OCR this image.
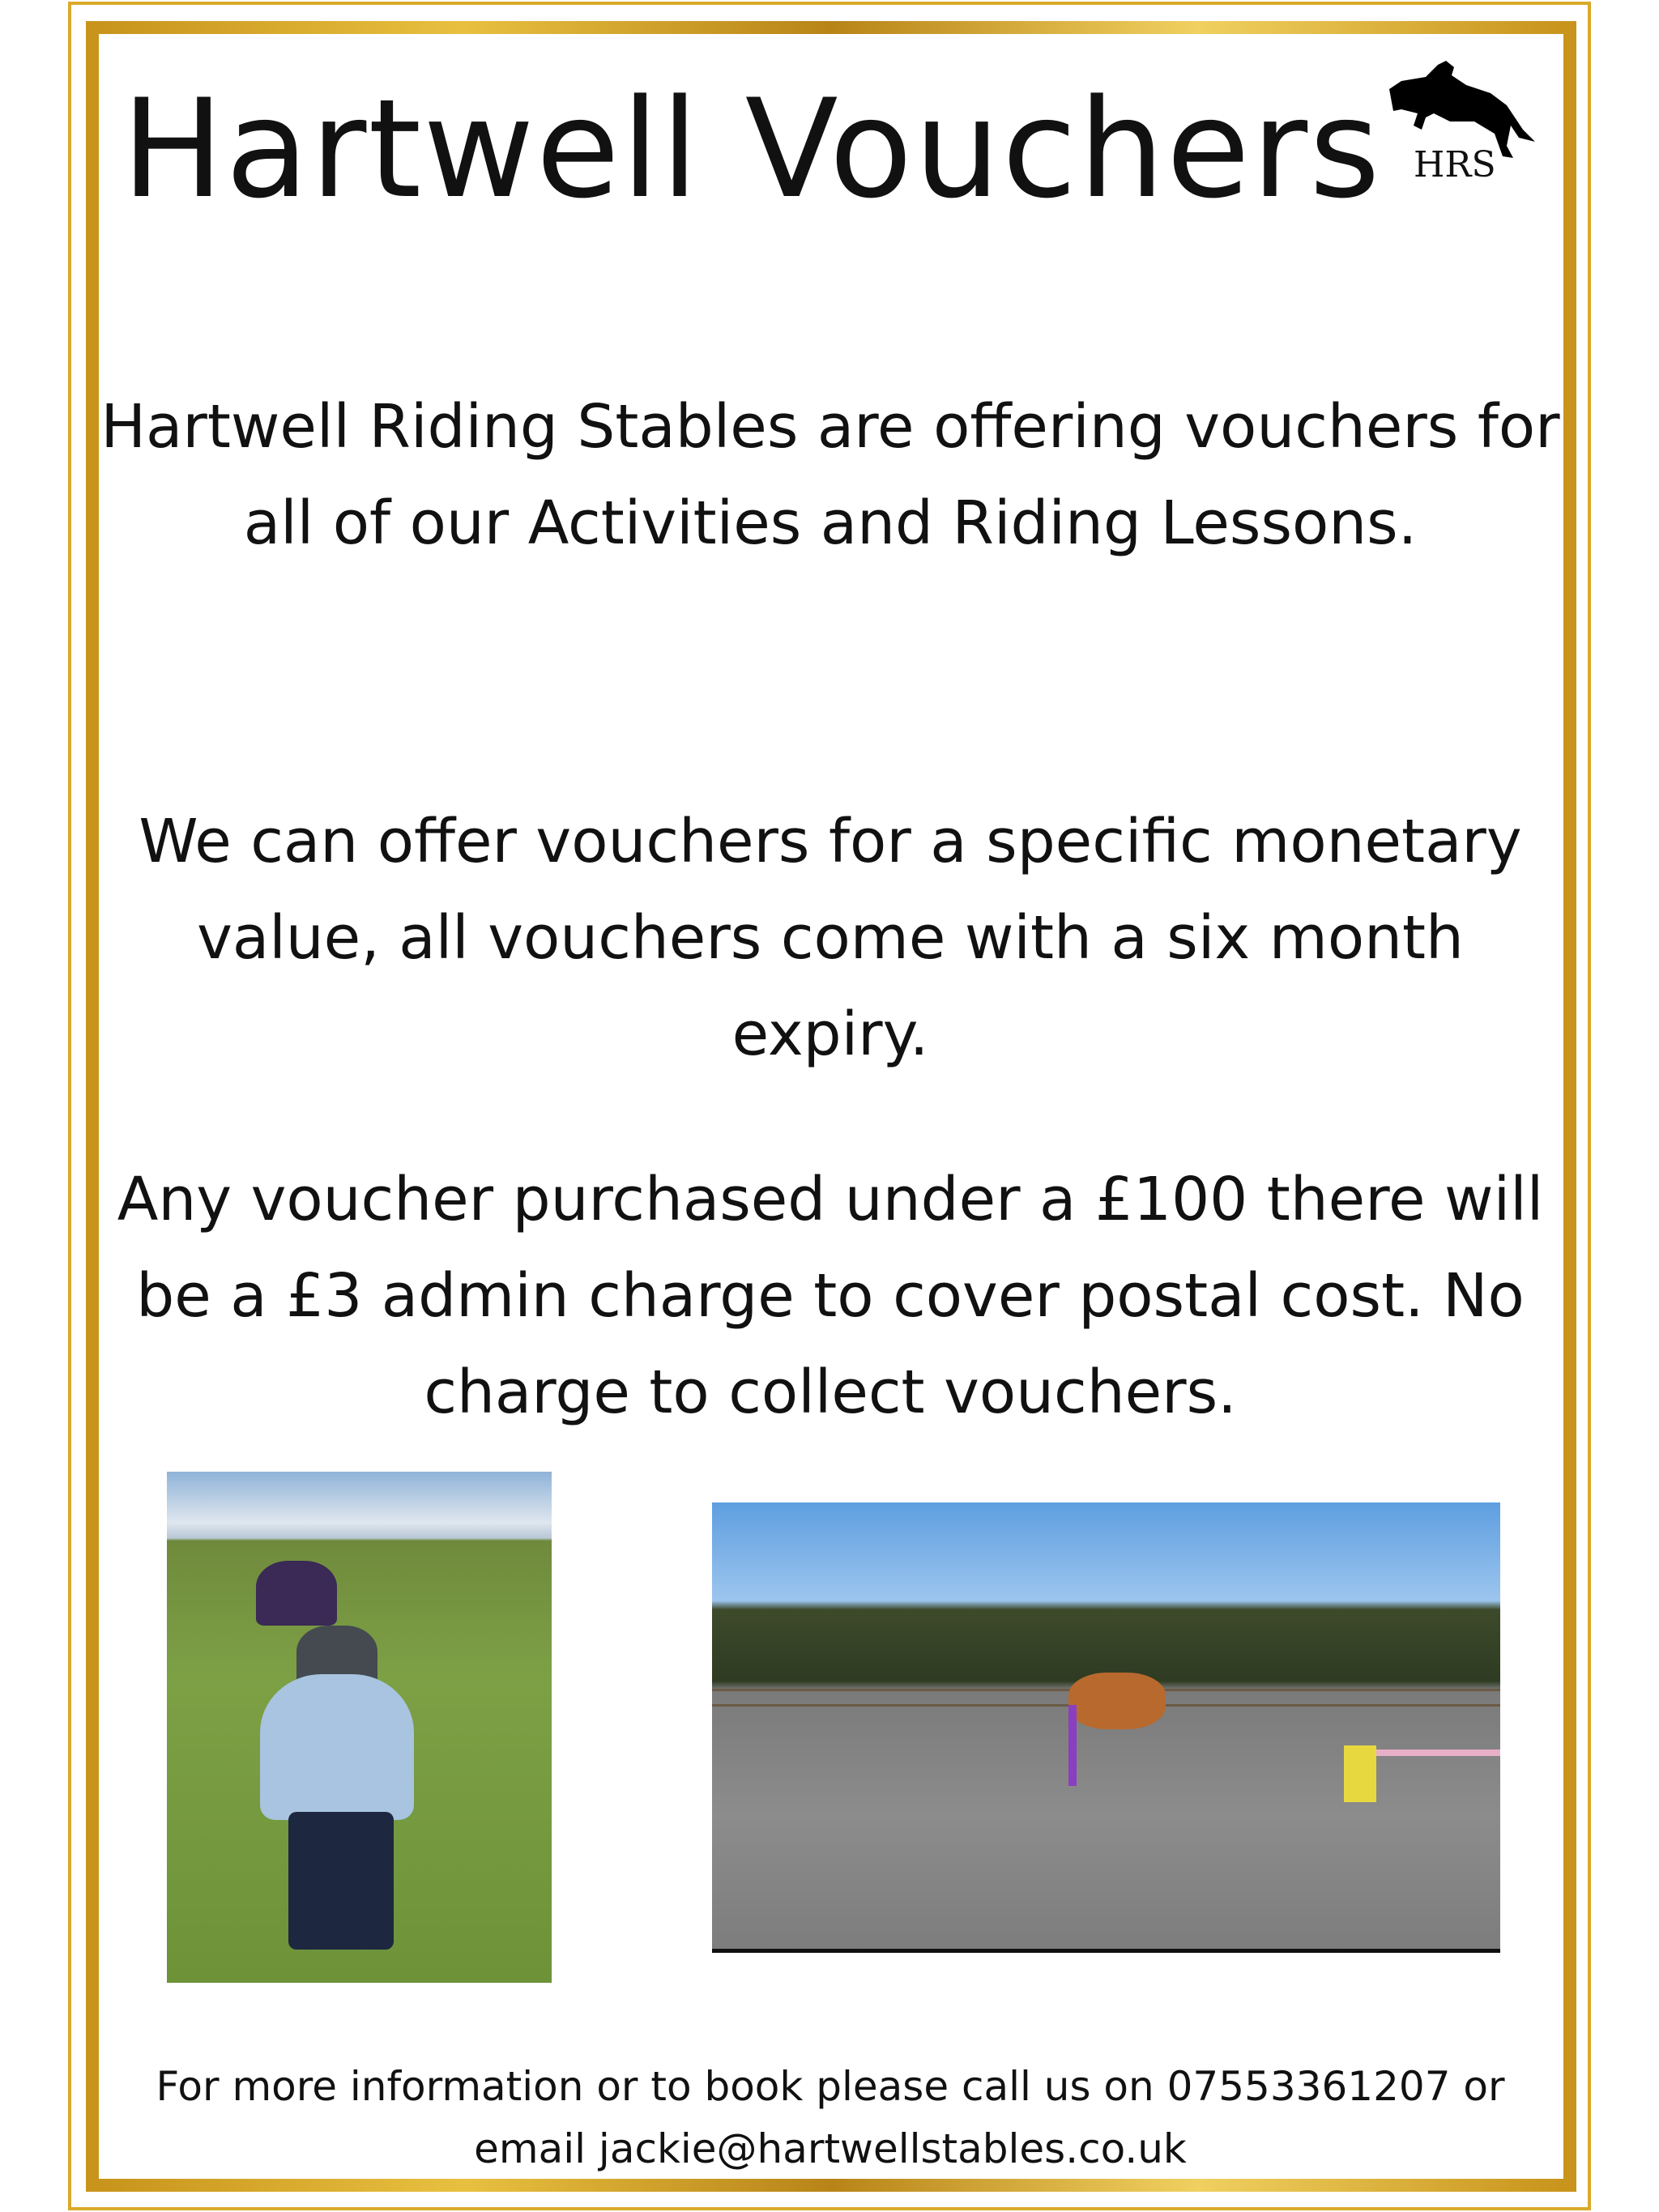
Hartwell Vouchers HRS
Hartwell Riding Stables are offering vouchers for all of our Activities and Riding Lessons.
We can offer vouchers for a specific monetary value, all vouchers come with a six month expiry.
Any voucher purchased under a £100 there will be a £3 admin charge to cover postal cost. No charge to collect vouchers.
For more information or to book please call us on 07553361207 or
email jackie@hartwellstables.co.uk
